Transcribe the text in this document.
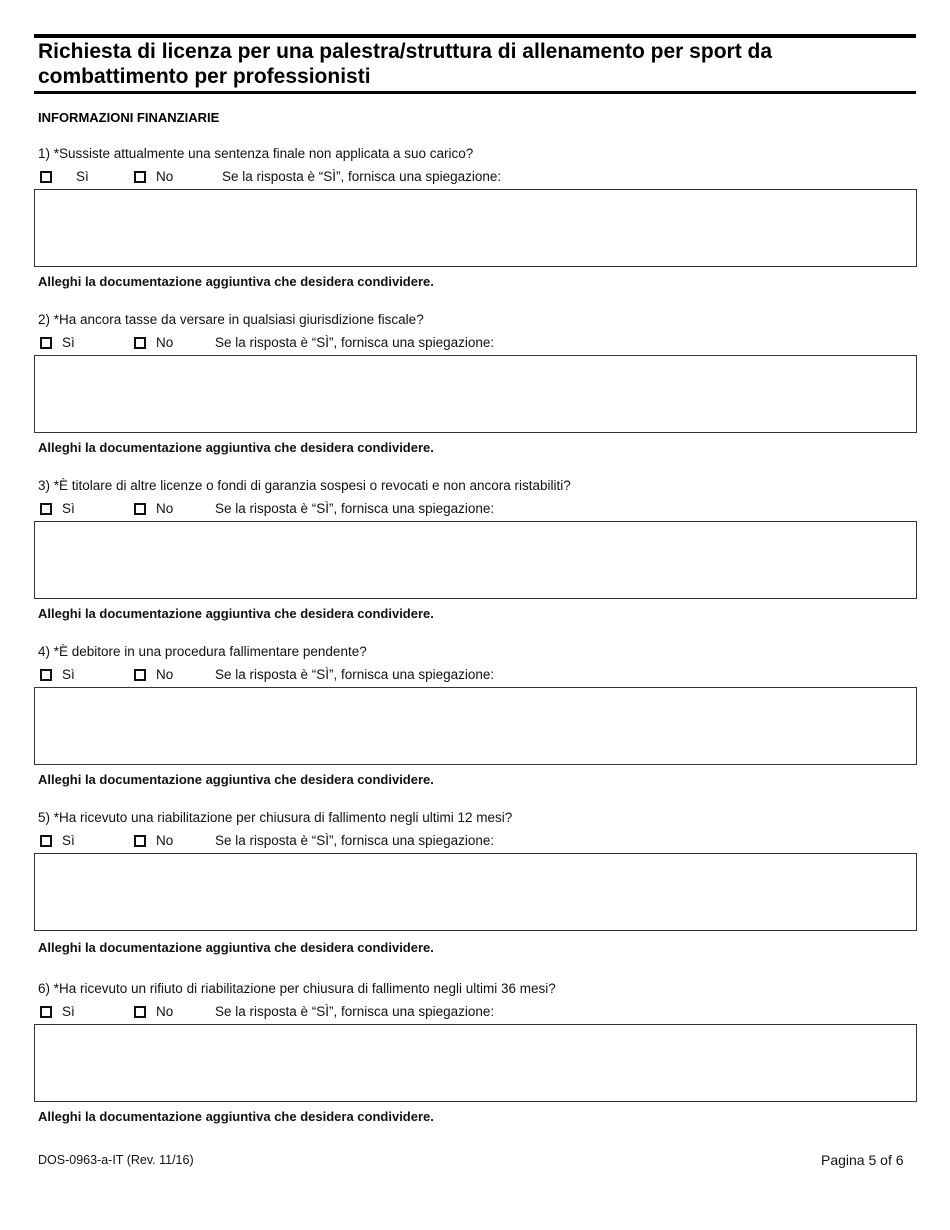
Richiesta di licenza per una palestra/struttura di allenamento per sport da combattimento per professionisti
INFORMAZIONI FINANZIARIE

1) *Sussiste attualmente una sentenza finale non applicata a suo carico?

Sì	No	Se la risposta è “SÌ”, fornisca una spiegazione:

Alleghi la documentazione aggiuntiva che desidera condividere.

2) *Ha ancora tasse da versare in qualsiasi giurisdizione fiscale?

Sì	No	Se la risposta è “SÌ”, fornisca una spiegazione:

Alleghi la documentazione aggiuntiva che desidera condividere.

3) *È titolare di altre licenze o fondi di garanzia sospesi o revocati e non ancora ristabiliti?

Sì	No	Se la risposta è “SÌ”, fornisca una spiegazione:

Alleghi la documentazione aggiuntiva che desidera condividere.

4) *È debitore in una procedura fallimentare pendente?

Sì	No	Se la risposta è “SÌ”, fornisca una spiegazione:

Alleghi la documentazione aggiuntiva che desidera condividere.

5) *Ha ricevuto una riabilitazione per chiusura di fallimento negli ultimi 12 mesi?

Sì	No	Se la risposta è “SÌ”, fornisca una spiegazione:

Alleghi la documentazione aggiuntiva che desidera condividere.

6) *Ha ricevuto un rifiuto di riabilitazione per chiusura di fallimento negli ultimi 36 mesi?

Sì	No	Se la risposta è “SÌ”, fornisca una spiegazione:

Alleghi la documentazione aggiuntiva che desidera condividere.

DOS-0963-a-IT (Rev. 11/16)	Pagina 5 of 6
